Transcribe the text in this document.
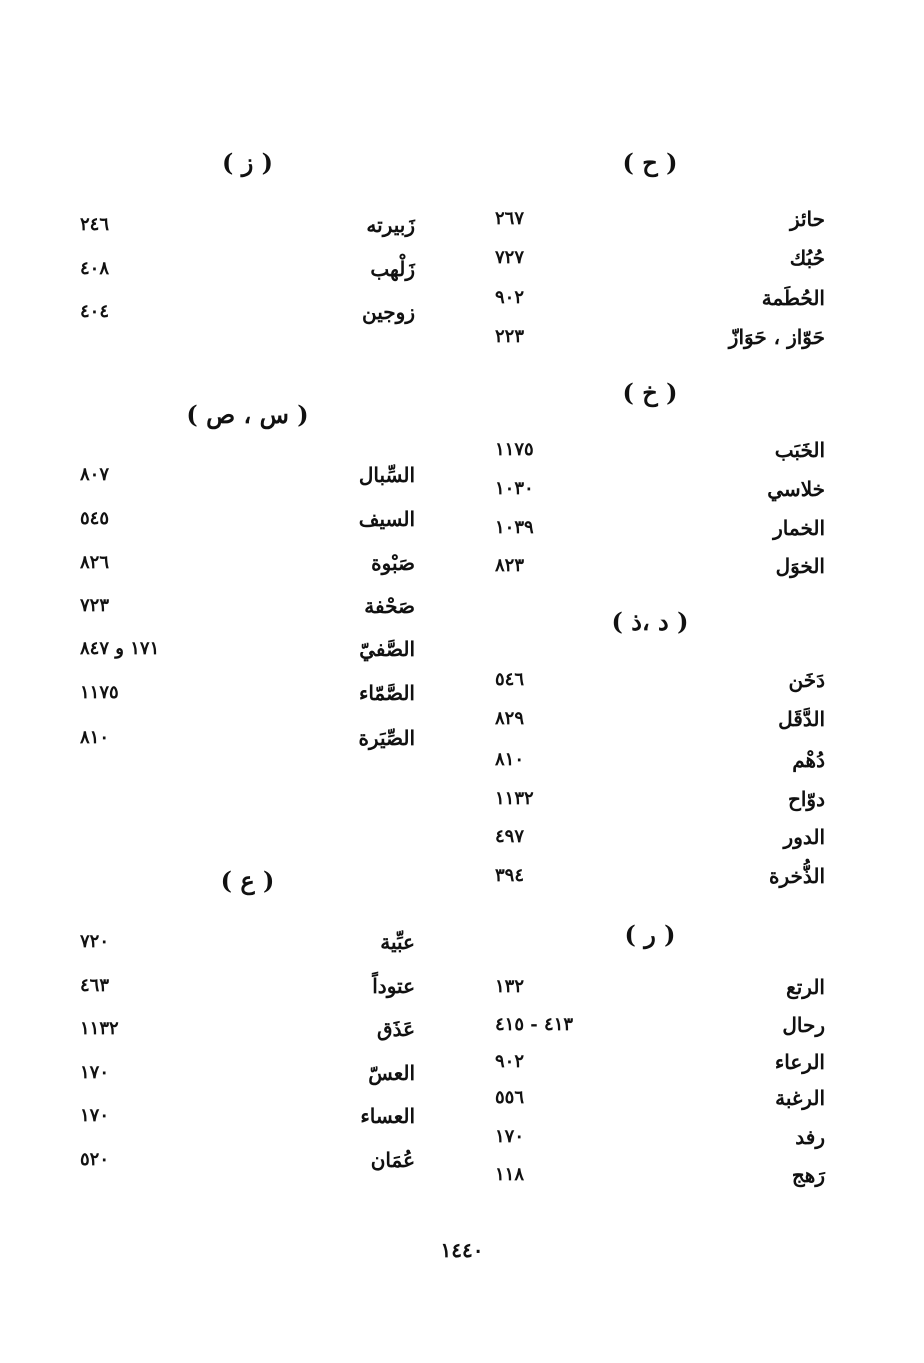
( ح )
حائز
٢٦٧
حُبُك
٧٢٧
الحُطَمة
٩٠٢
حَوّاز ، حَوَازّ
٢٢٣
( خ )
الخَبَب
١١٧٥
خلاسي
١٠٣٠
الخمار
١٠٣٩
الخوَل
٨٢٣
( د ،ذ )
دَخَن
٥٤٦
الدَّقَل
٨٢٩
دُهْم
٨١٠
دوّاح
١١٣٢
الدور
٤٩٧
الذُّخرة
٣٩٤
( ر )
الرتع
١٣٢
رحال
٤١٣ - ٤١٥
الرعاء
٩٠٢
الرغبة
٥٥٦
رفد
١٧٠
رَهج
١١٨
( ز )
زَبيرته
٢٤٦
زَلْهب
٤٠٨
زوجين
٤٠٤
( س ، ص )
السِّبال
٨٠٧
السيف
٥٤٥
صَبْوة
٨٢٦
صَحْفة
٧٢٣
الصَّفيّ
١٧١ و ٨٤٧
الصَّمّاء
١١٧٥
الصِّيَرة
٨١٠
( ع )
عبِّية
٧٢٠
عتوداً
٤٦٣
عَذَق
١١٣٢
العسّ
١٧٠
العساء
١٧٠
عُمَان
٥٢٠
١٤٤٠
